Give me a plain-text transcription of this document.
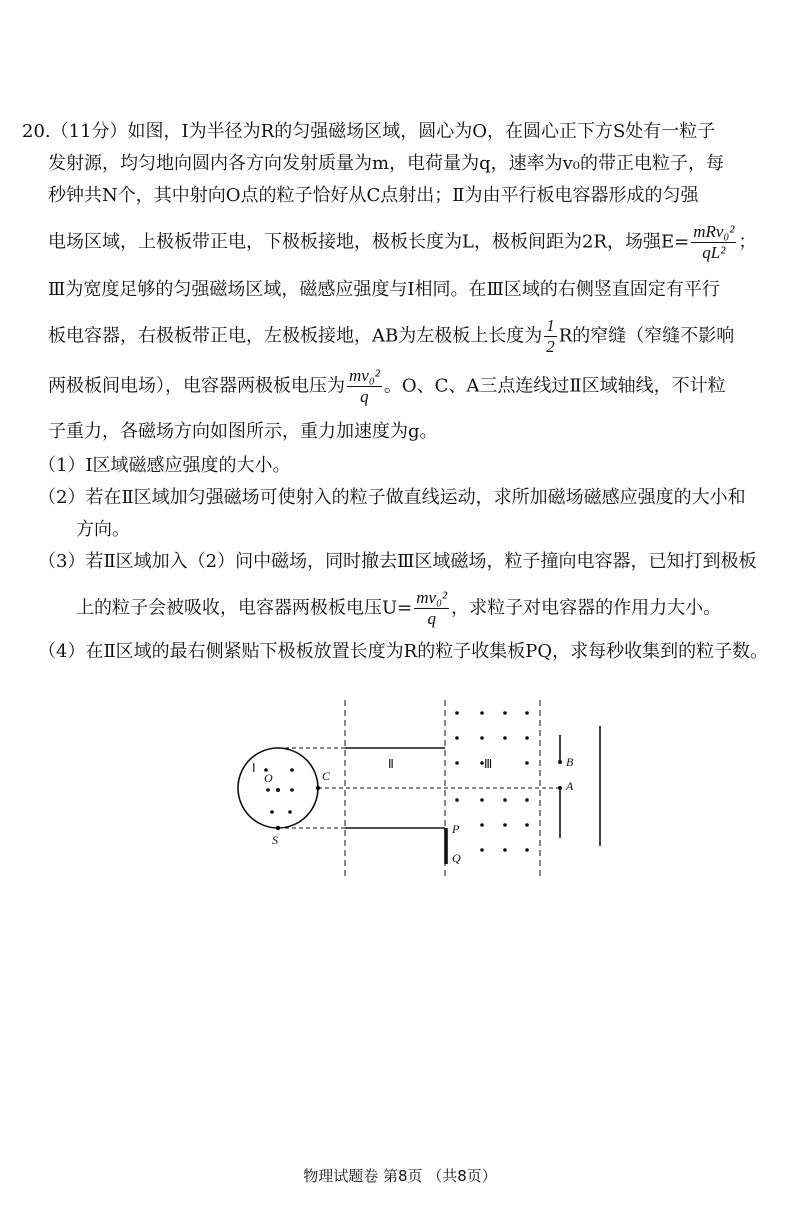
20.（11分）如图，Ⅰ为半径为R的匀强磁场区域，圆心为O，在圆心正下方S处有一粒子
发射源，均匀地向圆内各方向发射质量为m，电荷量为q，速率为v₀的带正电粒子，每
秒钟共N个，其中射向O点的粒子恰好从C点射出；Ⅱ为由平行板电容器形成的匀强
电场区域，上极板带正电，下极板接地，极板长度为L，极板间距为2R，场强$E= \frac{\text{mRv₀²}}{\text{qL²}}$ ；
Ⅲ为宽度足够的匀强磁场区域，磁感应强度与Ⅰ相同。在Ⅲ区域的右侧竖直固定有平行
板电容器，右极板带正电，左极板接地，AB为左极板上长度为 $\frac{1}{2}$ R的窄缝（窄缝不影响
两极板间电场），电容器两极板电压为 $\frac{\text{mv₀²}}{q}$ 。O、C、A三点连线过Ⅱ区域轴线，不计粒
子重力，各磁场方向如图所示，重力加速度为g。
（1）Ⅰ区域磁感应强度的大小。
（2）若在Ⅱ区域加匀强磁场可使射入的粒子做直线运动，求所加磁场磁感应强度的大小和
方向。
（3）若Ⅱ区域加入（2）问中磁场，同时撤去Ⅲ区域磁场，粒子撞向电容器，已知打到极板
上的粒子会被吸收，电容器两极板电压$U= \frac{\text{mv₀²}}{q}$ ，求粒子对电容器的作用力大小。
（4）在Ⅱ区域的最右侧紧贴下极板放置长度为R的粒子收集板PQ，求每秒收集到的粒子数。
Ⅰ
O	C
S
Ⅱ
P
Q
Ⅲ	B
A
物理试题卷 第8页 （共8页）
